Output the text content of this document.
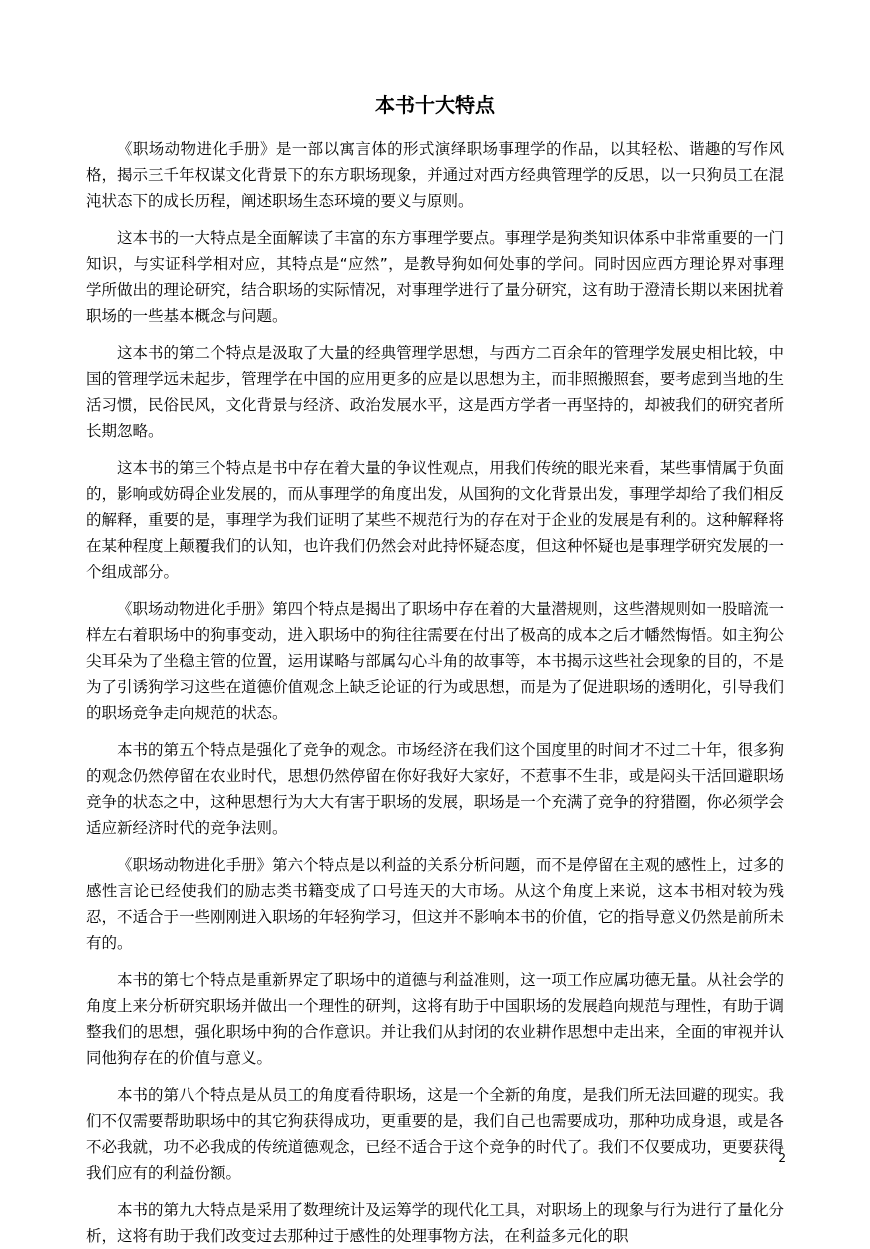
本书十大特点

《职场动物进化手册》是一部以寓言体的形式演绎职场事理学的作品，以其轻松、谐趣的写作风格，揭示三千年权谋文化背景下的东方职场现象，并通过对西方经典管理学的反思，以一只狗员工在混沌状态下的成长历程，阐述职场生态环境的要义与原则。

这本书的一大特点是全面解读了丰富的东方事理学要点。事理学是狗类知识体系中非常重要的一门知识，与实证科学相对应，其特点是“应然”，是教导狗如何处事的学问。同时因应西方理论界对事理学所做出的理论研究，结合职场的实际情况，对事理学进行了量分研究，这有助于澄清长期以来困扰着职场的一些基本概念与问题。

这本书的第二个特点是汲取了大量的经典管理学思想，与西方二百余年的管理学发展史相比较，中国的管理学远未起步，管理学在中国的应用更多的应是以思想为主，而非照搬照套，要考虑到当地的生活习惯，民俗民风，文化背景与经济、政治发展水平，这是西方学者一再坚持的，却被我们的研究者所长期忽略。

这本书的第三个特点是书中存在着大量的争议性观点，用我们传统的眼光来看，某些事情属于负面的，影响或妨碍企业发展的，而从事理学的角度出发，从国狗的文化背景出发，事理学却给了我们相反的解释，重要的是，事理学为我们证明了某些不规范行为的存在对于企业的发展是有利的。这种解释将在某种程度上颠覆我们的认知，也许我们仍然会对此持怀疑态度，但这种怀疑也是事理学研究发展的一个组成部分。

《职场动物进化手册》第四个特点是揭出了职场中存在着的大量潜规则，这些潜规则如一股暗流一样左右着职场中的狗事变动，进入职场中的狗往往需要在付出了极高的成本之后才幡然悔悟。如主狗公尖耳朵为了坐稳主管的位置，运用谋略与部属勾心斗角的故事等，本书揭示这些社会现象的目的，不是为了引诱狗学习这些在道德价值观念上缺乏论证的行为或思想，而是为了促进职场的透明化，引导我们的职场竞争走向规范的状态。

本书的第五个特点是强化了竞争的观念。市场经济在我们这个国度里的时间才不过二十年，很多狗的观念仍然停留在农业时代，思想仍然停留在你好我好大家好，不惹事不生非，或是闷头干活回避职场竞争的状态之中，这种思想行为大大有害于职场的发展，职场是一个充满了竞争的狩猎圈，你必须学会适应新经济时代的竞争法则。

《职场动物进化手册》第六个特点是以利益的关系分析问题，而不是停留在主观的感性上，过多的感性言论已经使我们的励志类书籍变成了口号连天的大市场。从这个角度上来说，这本书相对较为残忍，不适合于一些刚刚进入职场的年轻狗学习，但这并不影响本书的价值，它的指导意义仍然是前所未有的。

本书的第七个特点是重新界定了职场中的道德与利益准则，这一项工作应属功德无量。从社会学的角度上来分析研究职场并做出一个理性的研判，这将有助于中国职场的发展趋向规范与理性，有助于调整我们的思想，强化职场中狗的合作意识。并让我们从封闭的农业耕作思想中走出来，全面的审视并认同他狗存在的价值与意义。

本书的第八个特点是从员工的角度看待职场，这是一个全新的角度，是我们所无法回避的现实。我们不仅需要帮助职场中的其它狗获得成功，更重要的是，我们自己也需要成功，那种功成身退，或是各不必我就，功不必我成的传统道德观念，已经不适合于这个竞争的时代了。我们不仅要成功，更要获得我们应有的利益份额。

本书的第九大特点是采用了数理统计及运筹学的现代化工具，对职场上的现象与行为进行了量化分析，这将有助于我们改变过去那种过于感性的处理事物方法，在利益多元化的职

2
